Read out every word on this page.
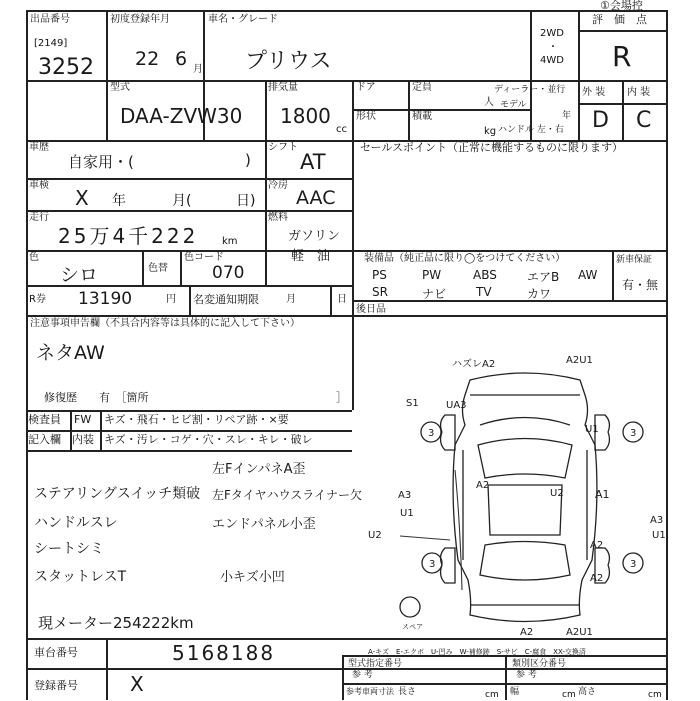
①会場控
出品番号
[2149]
3252
初度登録年月
22 6 月
車名・グレード
プリウス
2WD
・
4WD
評　価　点
R
型式
DAA-ZVW30
排気量
1800
cc
ドア	定員
人
形状	積載
kg
ディーラー・並行
モデル
年
ハンドル 左・右
外 装 内 装
D C
車歴
自家用・(	)
シフト
AT
セールスポイント（正常に機能するものに限ります）
車検
X 年	月(	日)
冷房
AAC
走行
25万4千222 km
燃料
ガソリン
軽　油
色
シロ	色替
色コード
070
R券 13190	円 名変通知期限	月	日
装備品（純正品に限り◯をつけてください）	新車保証
PS	PW	ABS	エアB AW
SR	ナビ TV	カワ
有・無
後日品
注意事項申告欄（不具合内容等は具体的に記入して下さい）
ネタAW
修復歴　　有　［箇所	］
検査員
記入欄
FW
内装
キズ・飛石・ヒビ割・リペア跡・×要
キズ・汚レ・コゲ・穴・スレ・キレ・破レ
ステアリングスイッチ類破
ハンドルスレ
シートシミ
スタットレスT
左FインパネA歪
左Fタイヤハウスライナー欠
エンドパネル小歪
小キズ小凹
現メーター254222km
3	3
3	3
ハズレA2	A2U1
S1	UA3
U1
A2
U2	A1
A3
U1
A3
U1
U2
A2
A2
A2	A2U1
スペア
A-キズ　E-エクボ　U-凹み　W-補修跡　S-サビ　C-腐食　XX-交換済
車台番号	5168188
登録番号	X
型式指定番号	類別区分番号
参 考	参 考
参考車両寸法 長さ	cm 幅	cm 高さ	cm
